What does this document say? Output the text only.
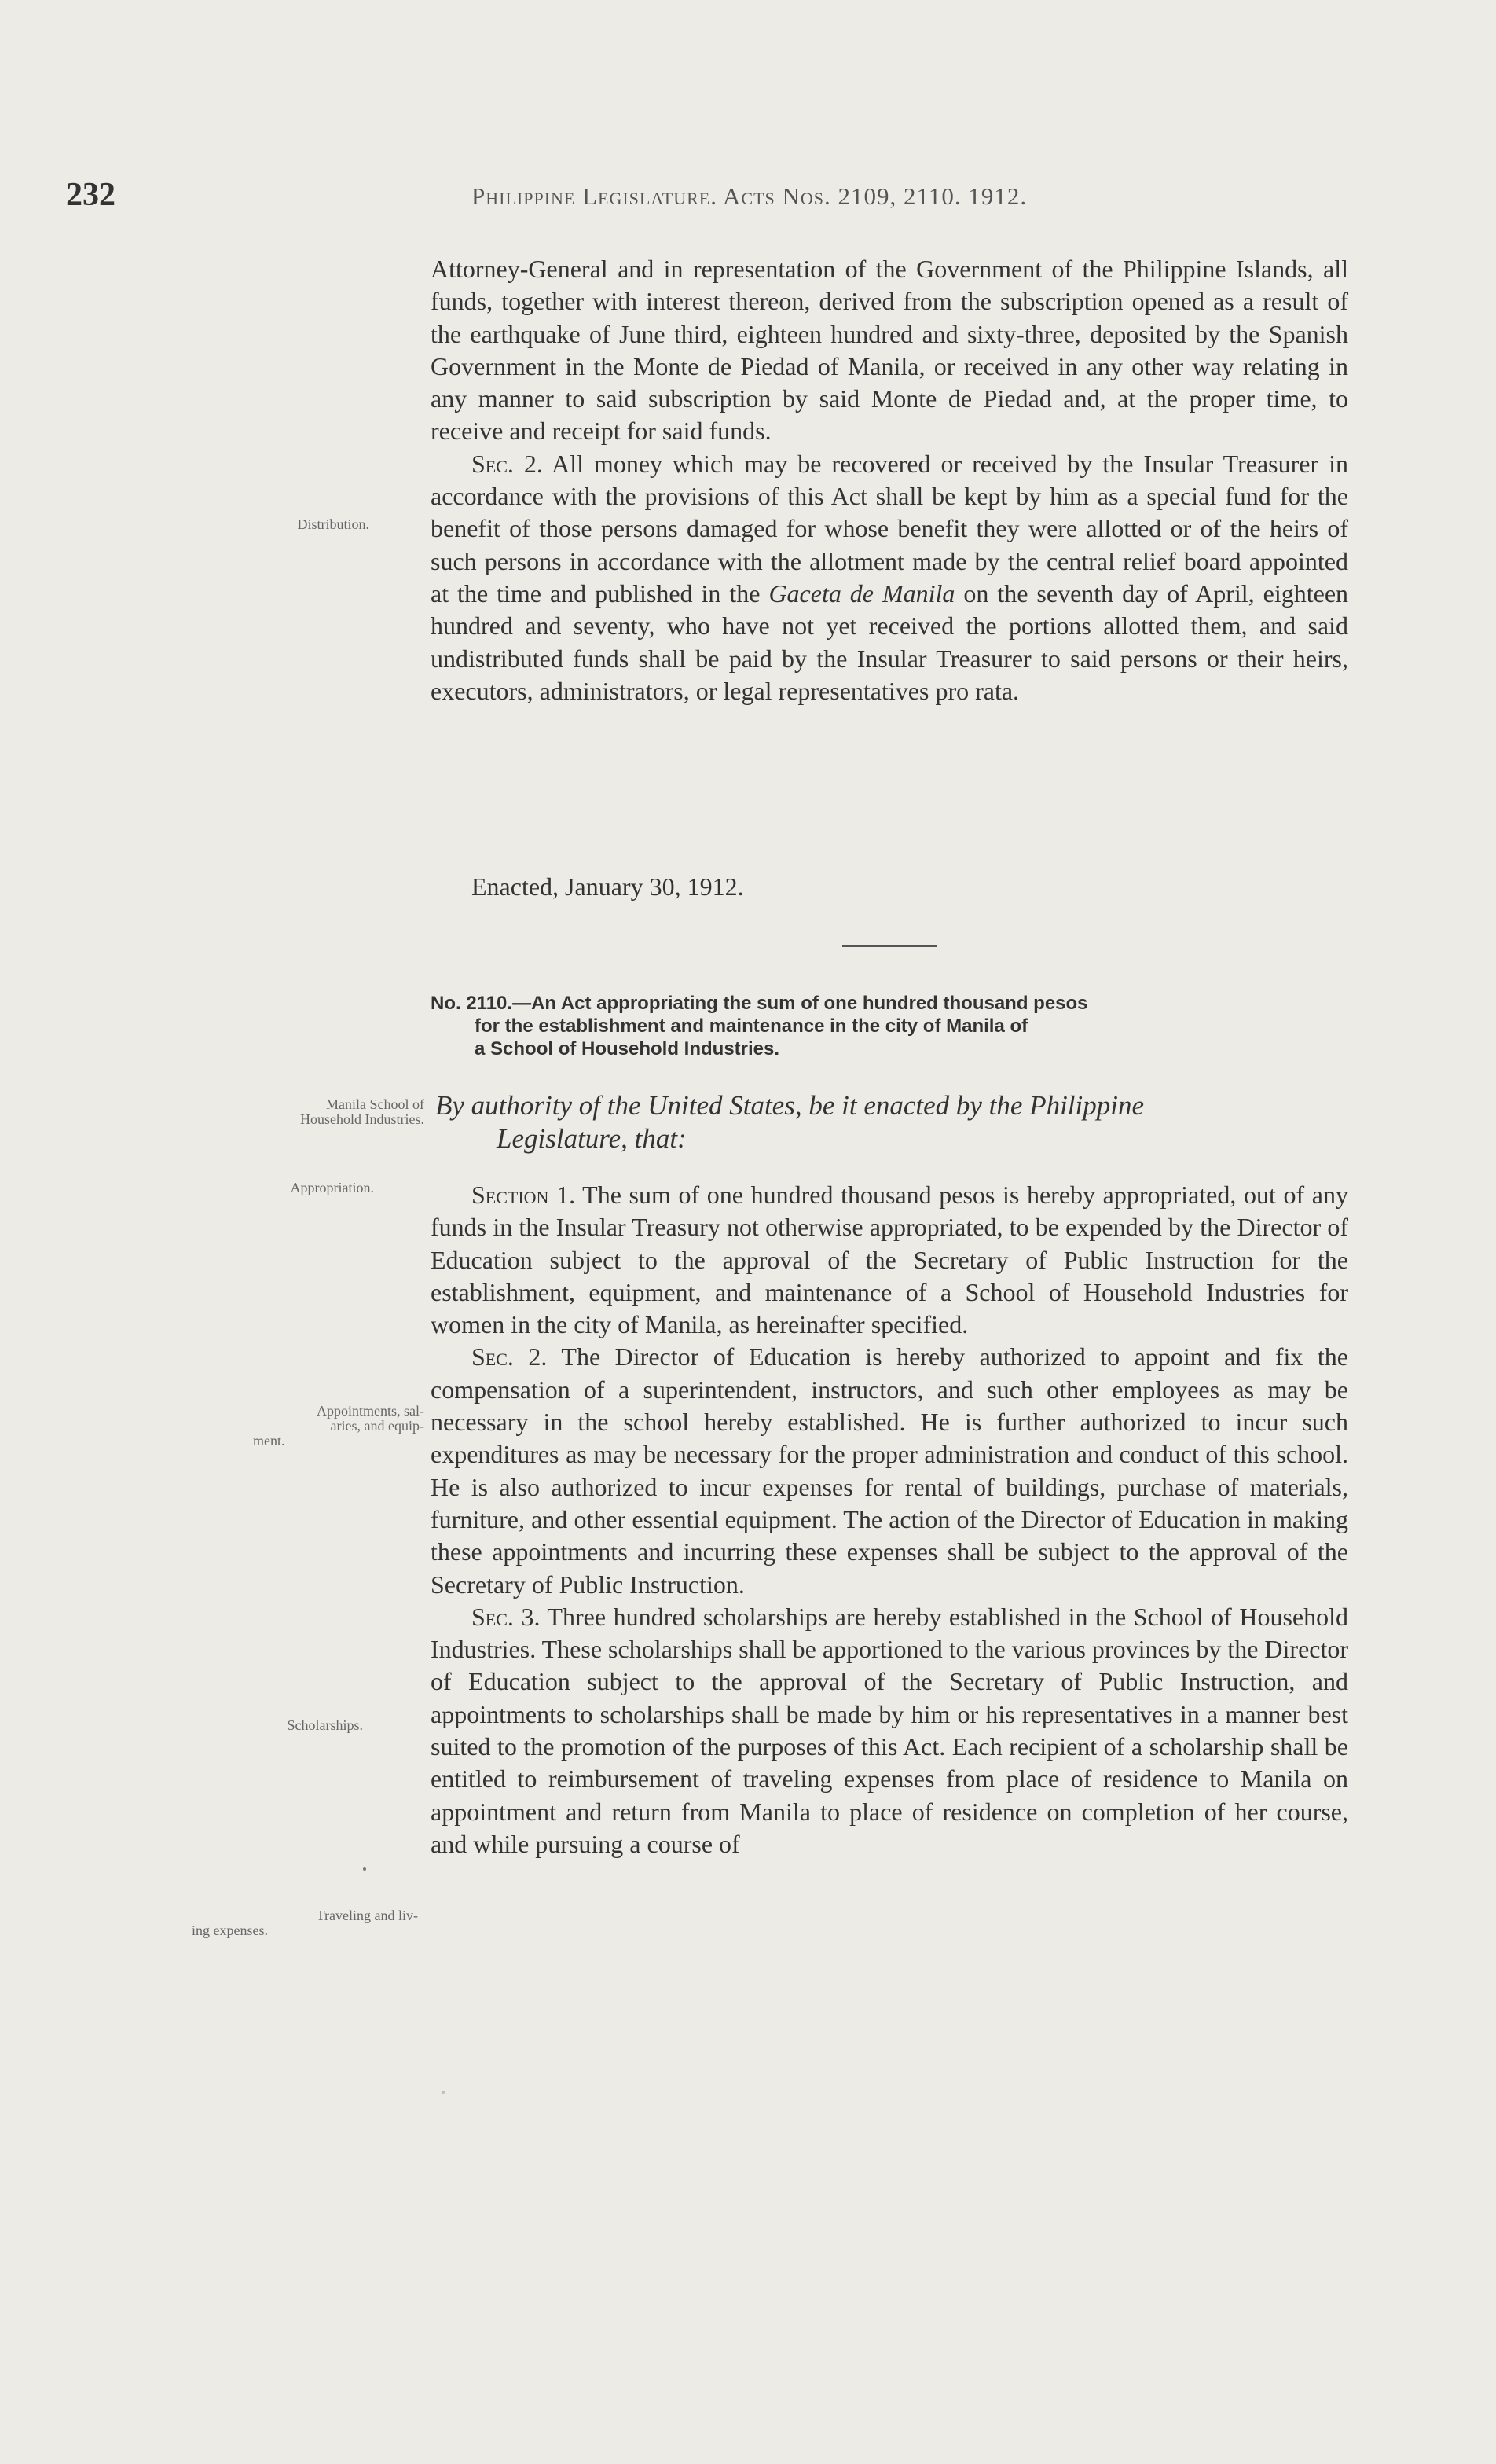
232	Philippine Legislature. Acts Nos. 2109, 2110. 1912.

Attorney-General and in representation of the Government of the Philippine Islands, all funds, together with interest thereon, derived from the subscription opened as a result of the earthquake of June third, eighteen hundred and sixty-three, deposited by the Spanish Government in the Monte de Piedad of Manila, or received in any other way relating in any manner to said subscription by said Monte de Piedad and, at the proper time, to receive and receipt for said funds.

Sec. 2. All money which may be recovered or received by the Insular Treasurer in accordance with the provisions of this Act shall be kept by him as a special fund for the benefit of those persons damaged for whose benefit they were allotted or of the heirs of such persons in accordance with the allotment made by the central relief board appointed at the time and published in the Gaceta de Manila on the seventh day of April, eighteen hundred and seventy, who have not yet received the portions allotted them, and said undistributed funds shall be paid by the Insular Treasurer to said persons or their heirs, executors, administrators, or legal representatives pro rata.

Enacted, January 30, 1912.
No. 2110.—An Act appropriating the sum of one hundred thousand pesos
for the establishment and maintenance in the city of Manila of
a School of Household Industries.
By authority of the United States, be it enacted by the Philippine
Legislature, that:

Section 1. The sum of one hundred thousand pesos is hereby appropriated, out of any funds in the Insular Treasury not otherwise appropriated, to be expended by the Director of Education subject to the approval of the Secretary of Public Instruction for the establishment, equipment, and maintenance of a School of Household Industries for women in the city of Manila, as hereinafter specified.

Sec. 2. The Director of Education is hereby authorized to appoint and fix the compensation of a superintendent, instructors, and such other employees as may be necessary in the school hereby established. He is further authorized to incur such expenditures as may be necessary for the proper administration and conduct of this school. He is also authorized to incur expenses for rental of buildings, purchase of materials, furniture, and other essential equipment. The action of the Director of Education in making these appointments and incurring these expenses shall be subject to the approval of the Secretary of Public Instruction.

Sec. 3. Three hundred scholarships are hereby established in the School of Household Industries. These scholarships shall be apportioned to the various provinces by the Director of Education subject to the approval of the Secretary of Public Instruction, and appointments to scholarships shall be made by him or his representatives in a manner best suited to the promotion of the purposes of this Act. Each recipient of a scholarship shall be entitled to reimbursement of traveling expenses from place of residence to Manila on appointment and return from Manila to place of residence on completion of her course, and while pursuing a course of

Distribution.
Manila School of
Household Industries.
Appropriation.
Appointments, sal-
aries, and equip-
ment.
Scholarships.
Traveling and liv-
ing expenses.
